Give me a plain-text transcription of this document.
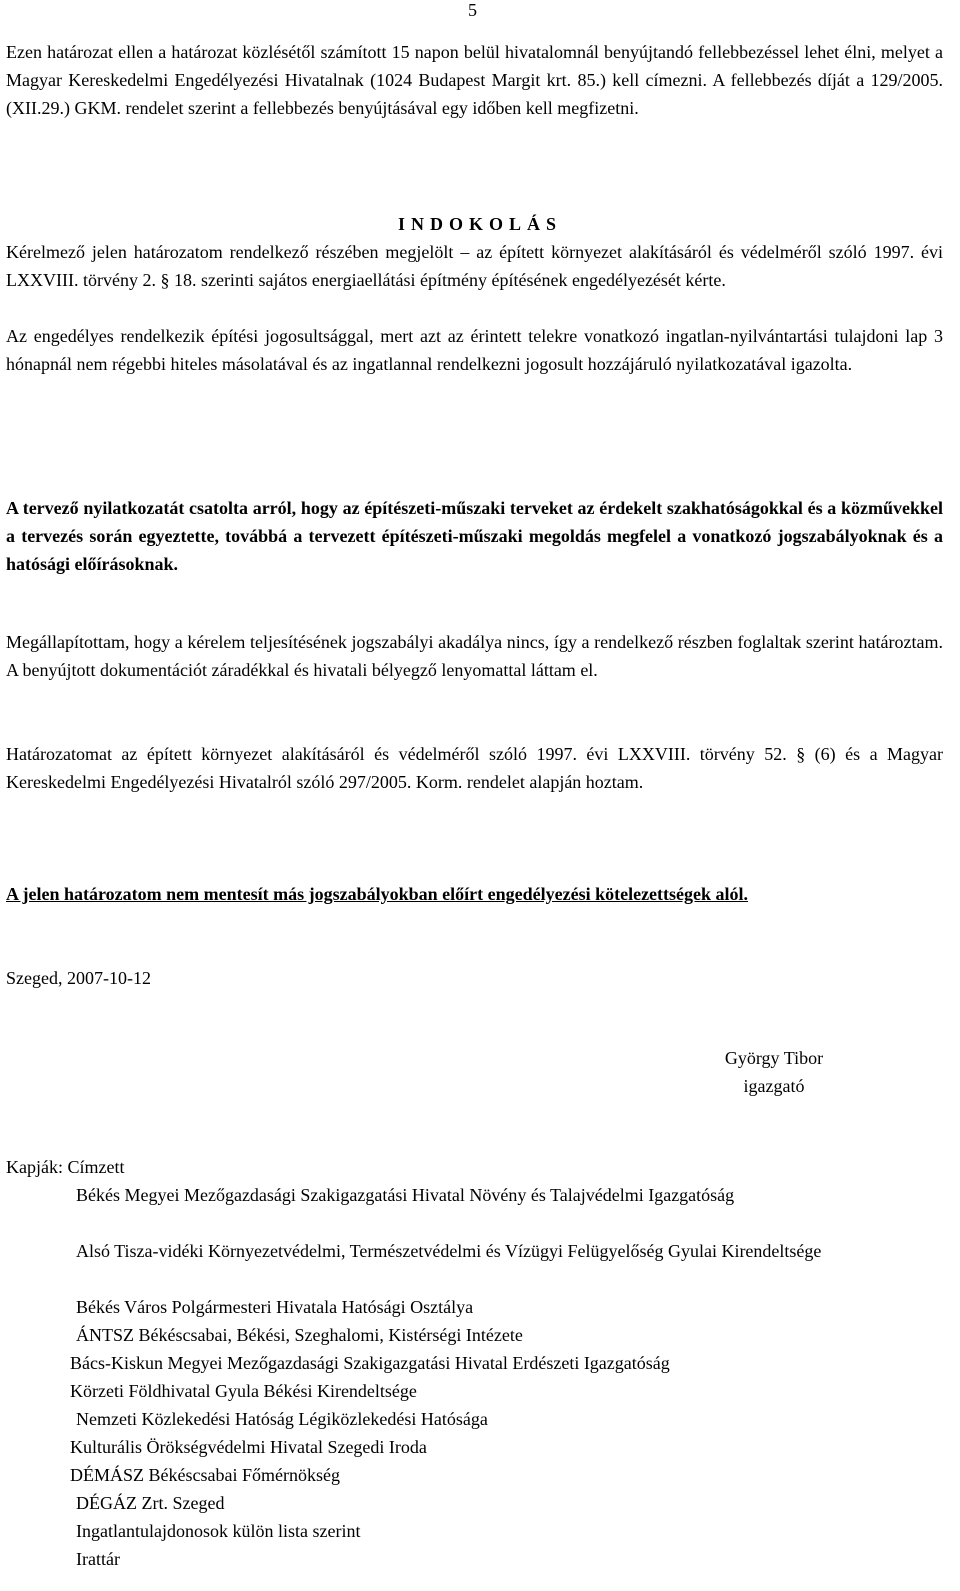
5

Ezen határozat ellen a határozat közlésétől számított 15 napon belül hivatalomnál benyújtandó fellebbezéssel lehet élni, melyet a Magyar Kereskedelmi Engedélyezési Hivatalnak (1024 Budapest Margit krt. 85.) kell címezni. A fellebbezés díját a 129/2005. (XII.29.) GKM. rendelet szerint a fellebbezés benyújtásával egy időben kell megfizetni.

INDOKOLÁS

Kérelmező jelen határozatom rendelkező részében megjelölt – az épített környezet alakításáról és védelméről szóló 1997. évi LXXVIII. törvény 2. § 18. szerinti sajátos energiaellátási építmény építésének engedélyezését kérte.

Az engedélyes rendelkezik építési jogosultsággal, mert azt az érintett telekre vonatkozó ingatlan-nyilvántartási tulajdoni lap 3 hónapnál nem régebbi hiteles másolatával és az ingatlannal rendelkezni jogosult hozzájáruló nyilatkozatával igazolta.

A tervező nyilatkozatát csatolta arról, hogy az építészeti-műszaki terveket az érdekelt szakhatóságokkal és a közművekkel a tervezés során egyeztette, továbbá a tervezett építészeti-műszaki megoldás megfelel a vonatkozó jogszabályoknak és a hatósági előírásoknak.

Megállapítottam, hogy a kérelem teljesítésének jogszabályi akadálya nincs, így a rendelkező részben foglaltak szerint határoztam. A benyújtott dokumentációt záradékkal és hivatali bélyegző lenyomattal láttam el.

Határozatomat az épített környezet alakításáról és védelméről szóló 1997. évi LXXVIII. törvény 52. § (6) és a Magyar Kereskedelmi Engedélyezési Hivatalról szóló 297/2005. Korm. rendelet alapján hoztam.

A jelen határozatom nem mentesít más jogszabályokban előírt engedélyezési kötelezettségek alól.

Szeged, 2007-10-12

György Tibor
igazgató
Kapják: Címzett

Békés Megyei Mezőgazdasági Szakigazgatási Hivatal Növény és Talajvédelmi Igazgatóság

Alsó Tisza-vidéki Környezetvédelmi, Természetvédelmi és Vízügyi Felügyelőség Gyulai Kirendeltsége

Békés Város Polgármesteri Hivatala Hatósági Osztálya

ÁNTSZ Békéscsabai, Békési, Szeghalomi, Kistérségi Intézete

Bács-Kiskun Megyei Mezőgazdasági Szakigazgatási Hivatal Erdészeti Igazgatóság

Körzeti Földhivatal Gyula Békési Kirendeltsége

Nemzeti Közlekedési Hatóság Légiközlekedési Hatósága

Kulturális Örökségvédelmi Hivatal Szegedi Iroda

DÉMÁSZ Békéscsabai Főmérnökség

DÉGÁZ Zrt. Szeged

Ingatlantulajdonosok külön lista szerint

Irattár
